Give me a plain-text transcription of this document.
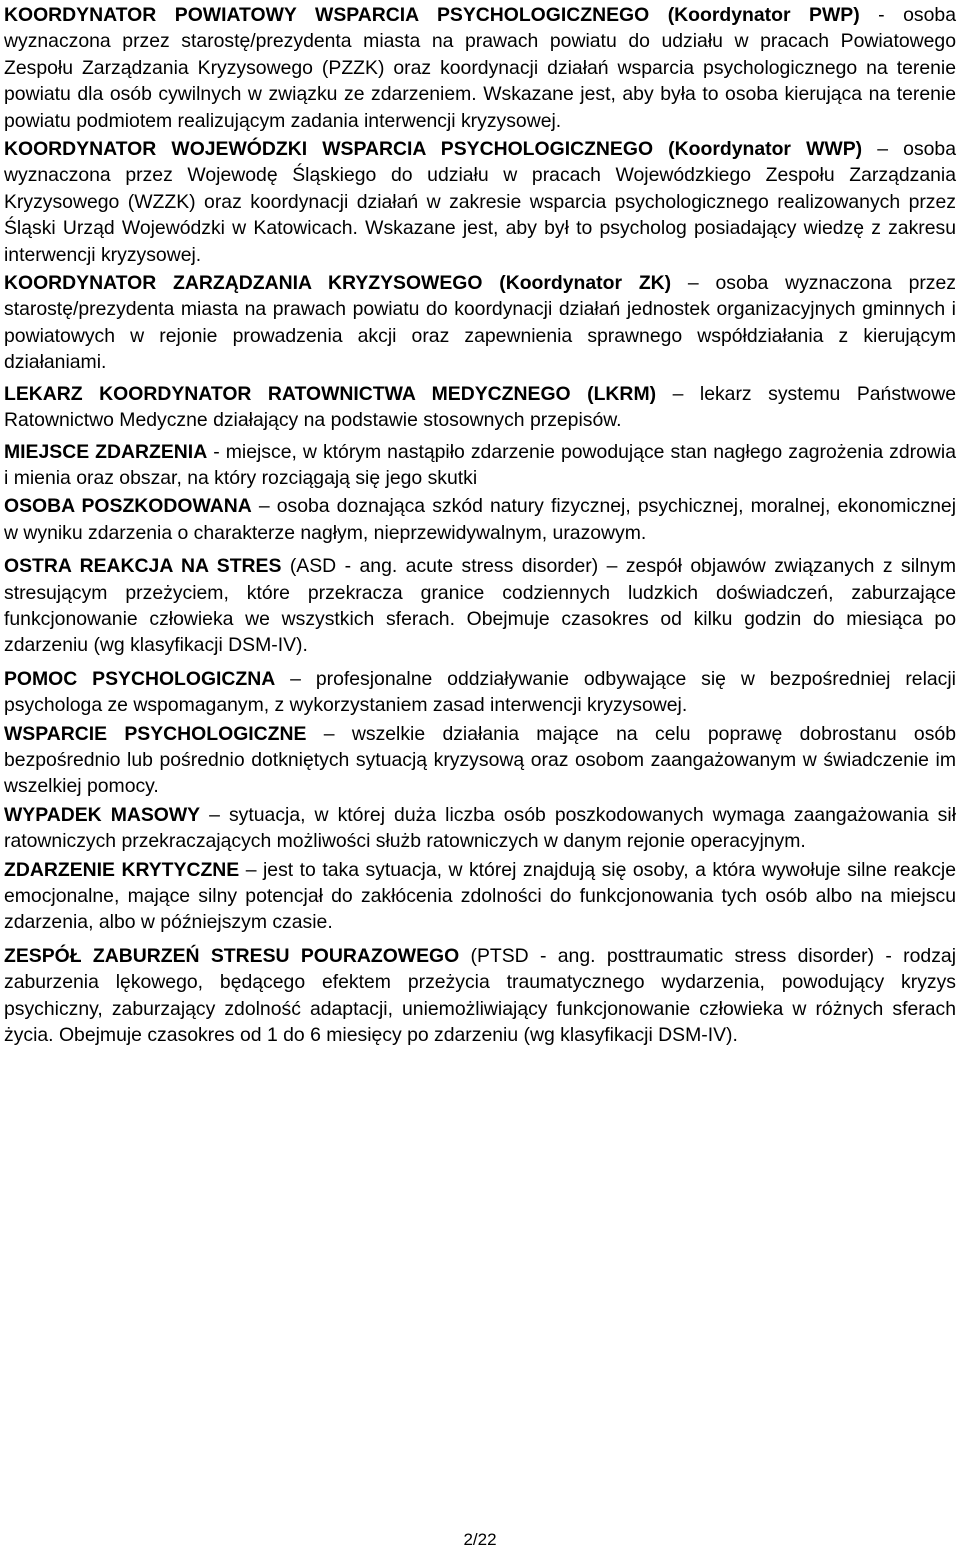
KOORDYNATOR POWIATOWY WSPARCIA PSYCHOLOGICZNEGO (Koordynator PWP) - osoba wyznaczona przez starostę/prezydenta miasta na prawach powiatu do udziału w pracach Powiatowego Zespołu Zarządzania Kryzysowego (PZZK) oraz koordynacji działań wsparcia psychologicznego na terenie powiatu dla osób cywilnych w związku ze zdarzeniem. Wskazane jest, aby była to osoba kierująca na terenie powiatu podmiotem realizującym zadania interwencji kryzysowej.

KOORDYNATOR WOJEWÓDZKI WSPARCIA PSYCHOLOGICZNEGO (Koordynator WWP) – osoba wyznaczona przez Wojewodę Śląskiego do udziału w pracach Wojewódzkiego Zespołu Zarządzania Kryzysowego (WZZK) oraz koordynacji działań w zakresie wsparcia psychologicznego realizowanych przez Śląski Urząd Wojewódzki w Katowicach. Wskazane jest, aby był to psycholog posiadający wiedzę z zakresu interwencji kryzysowej.

KOORDYNATOR ZARZĄDZANIA KRYZYSOWEGO (Koordynator ZK) – osoba wyznaczona przez starostę/prezydenta miasta na prawach powiatu do koordynacji działań jednostek organizacyjnych gminnych i powiatowych w rejonie prowadzenia akcji oraz zapewnienia sprawnego współdziałania z kierującym działaniami.

LEKARZ KOORDYNATOR RATOWNICTWA MEDYCZNEGO (LKRM) – lekarz systemu Państwowe Ratownictwo Medyczne działający na podstawie stosownych przepisów.

MIEJSCE ZDARZENIA - miejsce, w którym nastąpiło zdarzenie powodujące stan nagłego zagrożenia zdrowia i mienia oraz obszar, na który rozciągają się jego skutki

OSOBA POSZKODOWANA – osoba doznająca szkód natury fizycznej, psychicznej, moralnej, ekonomicznej w wyniku zdarzenia o charakterze nagłym, nieprzewidywalnym, urazowym.

OSTRA REAKCJA NA STRES (ASD - ang. acute stress disorder) – zespół objawów związanych z silnym stresującym przeżyciem, które przekracza granice codziennych ludzkich doświadczeń, zaburzające funkcjonowanie człowieka we wszystkich sferach. Obejmuje czasokres od kilku godzin do miesiąca po zdarzeniu (wg klasyfikacji DSM-IV).

POMOC PSYCHOLOGICZNA – profesjonalne oddziaływanie odbywające się w bezpośredniej relacji psychologa ze wspomaganym, z wykorzystaniem zasad interwencji kryzysowej.

WSPARCIE PSYCHOLOGICZNE – wszelkie działania mające na celu poprawę dobrostanu osób bezpośrednio lub pośrednio dotkniętych sytuacją kryzysową oraz osobom zaangażowanym w świadczenie im wszelkiej pomocy.

WYPADEK MASOWY – sytuacja, w której duża liczba osób poszkodowanych wymaga zaangażowania sił ratowniczych przekraczających możliwości służb ratowniczych w danym rejonie operacyjnym.

ZDARZENIE KRYTYCZNE – jest to taka sytuacja, w której znajdują się osoby, a która wywołuje silne reakcje emocjonalne, mające silny potencjał do zakłócenia zdolności do funkcjonowania tych osób albo na miejscu zdarzenia, albo w późniejszym czasie.

ZESPÓŁ ZABURZEŃ STRESU POURAZOWEGO (PTSD - ang. posttraumatic stress disorder) - rodzaj zaburzenia lękowego, będącego efektem przeżycia traumatycznego wydarzenia, powodujący kryzys psychiczny, zaburzający zdolność adaptacji, uniemożliwiający funkcjonowanie człowieka w różnych sferach życia. Obejmuje czasokres od 1 do 6 miesięcy po zdarzeniu (wg klasyfikacji DSM-IV).

2/22
